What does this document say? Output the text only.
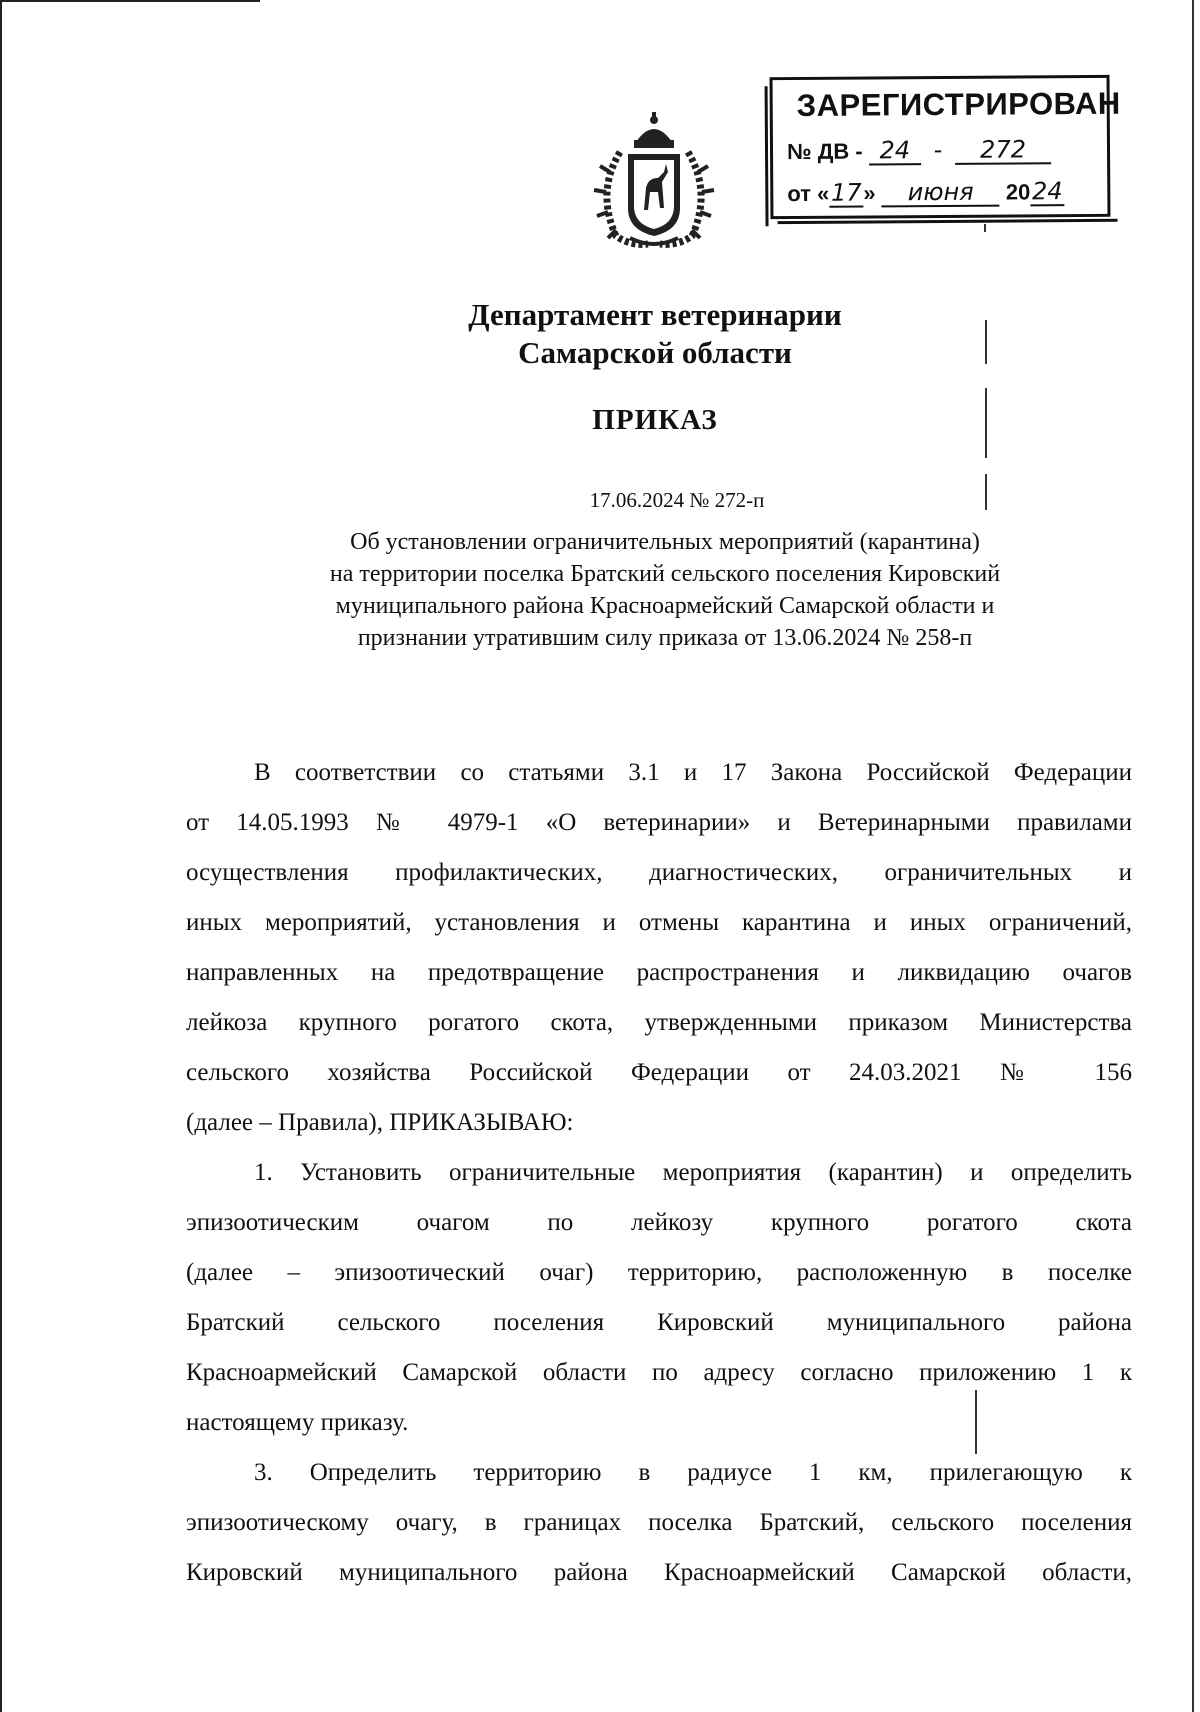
ЗАРЕГИСТРИРОВАН
№ ДВ - 24 - 272
от «17» июня 2024
Департамент ветеринарии
Самарской области
ПРИКАЗ
17.06.2024 № 272-п
Об установлении ограничительных мероприятий (карантина)
на территории поселка Братский сельского поселения Кировский
муниципального района Красноармейский Самарской области и
признании утратившим силу приказа от 13.06.2024 № 258-п
В соответствии со статьями 3.1 и 17 Закона Российской Федерации
от 14.05.1993 № 4979-1 «О ветеринарии» и Ветеринарными правилами
осуществления профилактических, диагностических, ограничительных и
иных мероприятий, установления и отмены карантина и иных ограничений,
направленных на предотвращение распространения и ликвидацию очагов
лейкоза крупного рогатого скота, утвержденными приказом Министерства
сельского хозяйства Российской Федерации от 24.03.2021 № 156
(далее – Правила), ПРИКАЗЫВАЮ:
1. Установить ограничительные мероприятия (карантин) и определить
эпизоотическим очагом по лейкозу крупного рогатого скота
(далее – эпизоотический очаг) территорию, расположенную в поселке
Братский сельского поселения Кировский муниципального района
Красноармейский Самарской области по адресу согласно приложению 1 к
настоящему приказу.
3. Определить территорию в радиусе 1 км, прилегающую к
эпизоотическому очагу, в границах поселка Братский, сельского поселения
Кировский муниципального района Красноармейский Самарской области,
